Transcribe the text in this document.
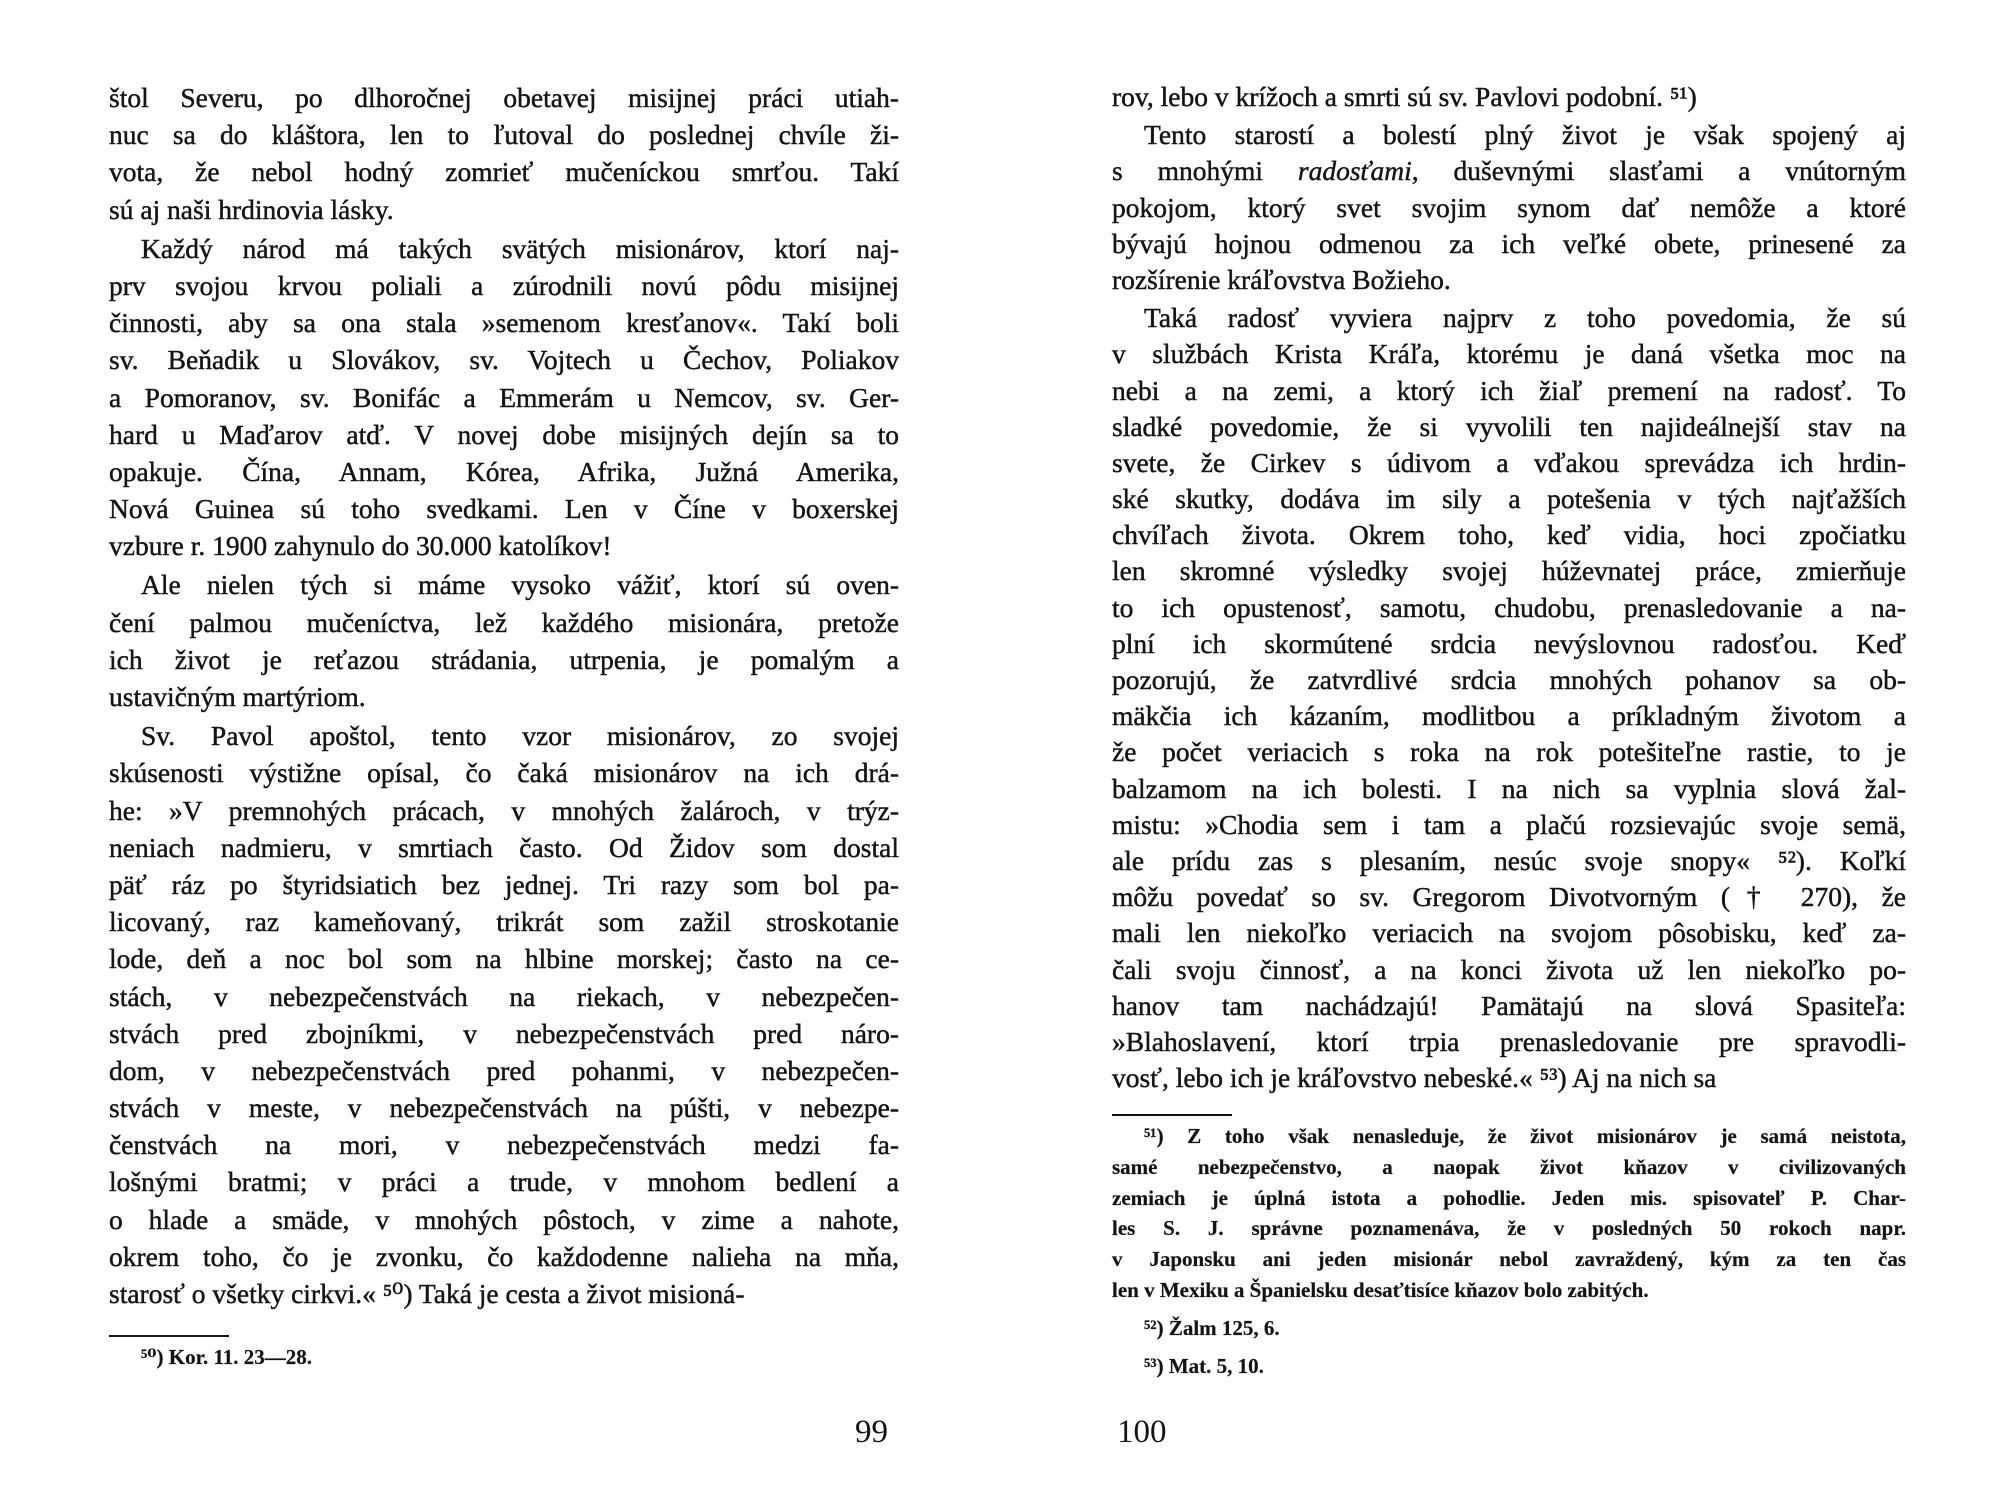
štol Severu, po dlhoročnej obetavej misijnej práci utiah-
nuc sa do kláštora, len to ľutoval do poslednej chvíle ži-
vota, že nebol hodný zomrieť mučeníckou smrťou. Takí
sú aj naši hrdinovia lásky.
Každý národ má takých svätých misionárov, ktorí naj-
prv svojou krvou poliali a zúrodnili novú pôdu misijnej
činnosti, aby sa ona stala »semenom kresťanov«. Takí boli
sv. Beňadik u Slovákov, sv. Vojtech u Čechov, Poliakov
a Pomoranov, sv. Bonifác a Emmerám u Nemcov, sv. Ger-
hard u Maďarov atď. V novej dobe misijných dejín sa to
opakuje. Čína, Annam, Kórea, Afrika, Južná Amerika,
Nová Guinea sú toho svedkami. Len v Číne v boxerskej
vzbure r. 1900 zahynulo do 30.000 katolíkov!
Ale nielen tých si máme vysoko vážiť, ktorí sú oven-
čení palmou mučeníctva, lež každého misionára, pretože
ich život je reťazou strádania, utrpenia, je pomalým a
ustavičným martýriom.
Sv. Pavol apoštol, tento vzor misionárov, zo svojej
skúsenosti výstižne opísal, čo čaká misionárov na ich drá-
he: »V premnohých prácach, v mnohých žalároch, v trýz-
neniach nadmieru, v smrtiach často. Od Židov som dostal
päť ráz po štyridsiatich bez jednej. Tri razy som bol pa-
licovaný, raz kameňovaný, trikrát som zažil stroskotanie
lode, deň a noc bol som na hlbine morskej; často na ce-
stách, v nebezpečenstvách na riekach, v nebezpečen-
stvách pred zbojníkmi, v nebezpečenstvách pred náro-
dom, v nebezpečenstvách pred pohanmi, v nebezpečen-
stvách v meste, v nebezpečenstvách na púšti, v nebezpe-
čenstvách na mori, v nebezpečenstvách medzi fa-
lošnými bratmi; v práci a trude, v mnohom bedlení a
o hlade a smäde, v mnohých pôstoch, v zime a nahote,
okrem toho, čo je zvonku, čo každodenne nalieha na mňa,
starosť o všetky cirkvi.« ⁵⁰) Taká je cesta a život misioná-
⁵⁰) Kor. 11. 23—28.
99
rov, lebo v krížoch a smrti sú sv. Pavlovi podobní. ⁵¹)
Tento starostí a bolestí plný život je však spojený aj
s mnohými radosťami, duševnými slasťami a vnútorným
pokojom, ktorý svet svojim synom dať nemôže a ktoré
bývajú hojnou odmenou za ich veľké obete, prinesené za
rozšírenie kráľovstva Božieho.
Taká radosť vyviera najprv z toho povedomia, že sú
v službách Krista Kráľa, ktorému je daná všetka moc na
nebi a na zemi, a ktorý ich žiaľ premení na radosť. To
sladké povedomie, že si vyvolili ten najideálnejší stav na
svete, že Cirkev s údivom a vďakou sprevádza ich hrdin-
ské skutky, dodáva im sily a potešenia v tých najťažších
chvíľach života. Okrem toho, keď vidia, hoci zpočiatku
len skromné výsledky svojej húževnatej práce, zmierňuje
to ich opustenosť, samotu, chudobu, prenasledovanie a na-
plní ich skormútené srdcia nevýslovnou radosťou. Keď
pozorujú, že zatvrdlivé srdcia mnohých pohanov sa ob-
mäkčia ich kázaním, modlitbou a príkladným životom a
že počet veriacich s roka na rok potešiteľne rastie, to je
balzamom na ich bolesti. I na nich sa vyplnia slová žal-
mistu: »Chodia sem i tam a plačú rozsievajúc svoje semä,
ale prídu zas s plesaním, nesúc svoje snopy« ⁵²). Koľkí
môžu povedať so sv. Gregorom Divotvorným († 270), že
mali len niekoľko veriacich na svojom pôsobisku, keď za-
čali svoju činnosť, a na konci života už len niekoľko po-
hanov tam nachádzajú! Pamätajú na slová Spasiteľa:
»Blahoslavení, ktorí trpia prenasledovanie pre spravodli-
vosť, lebo ich je kráľovstvo nebeské.« ⁵³) Aj na nich sa
⁵¹) Z toho však nenasleduje, že život misionárov je samá neistota,
samé nebezpečenstvo, a naopak život kňazov v civilizovaných
zemiach je úplná istota a pohodlie. Jeden mis. spisovateľ P. Char-
les S. J. správne poznamenáva, že v posledných 50 rokoch napr.
v Japonsku ani jeden misionár nebol zavraždený, kým za ten čas
len v Mexiku a Španielsku desaťtisíce kňazov bolo zabitých.
⁵²) Žalm 125, 6.
⁵³) Mat. 5, 10.
100
